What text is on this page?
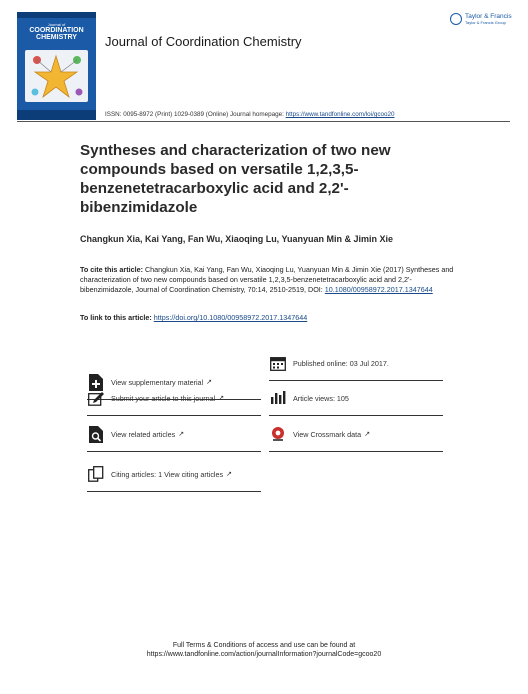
Journal of
COORDINATION
CHEMISTRY	Journal of Coordination Chemistry
Taylor & Francis
Taylor & Francis Group
ISSN: 0095-8972 (Print) 1029-0389 (Online) Journal homepage: https://www.tandfonline.com/loi/gcoo20
Syntheses and characterization of two new compounds based on versatile 1,2,3,5-benzenetetracarboxylic acid and 2,2'-bibenzimidazole
Changkun Xia, Kai Yang, Fan Wu, Xiaoqing Lu, Yuanyuan Min & Jimin Xie
To cite this article: Changkun Xia, Kai Yang, Fan Wu, Xiaoqing Lu, Yuanyuan Min & Jimin Xie (2017) Syntheses and characterization of two new compounds based on versatile 1,2,3,5-benzenetetracarboxylic acid and 2,2'-bibenzimidazole, Journal of Coordination Chemistry, 70:14, 2510-2519, DOI: 10.1080/00958972.2017.1347644
To link to this article: https://doi.org/10.1080/00958972.2017.1347644
View supplementary material ↗
Submit your article to this journal ↗
View related articles ↗
Citing articles: 1 View citing articles ↗
Published online: 03 Jul 2017.
Article views: 105
View Crossmark data ↗
Full Terms & Conditions of access and use can be found at
https://www.tandfonline.com/action/journalInformation?journalCode=gcoo20
